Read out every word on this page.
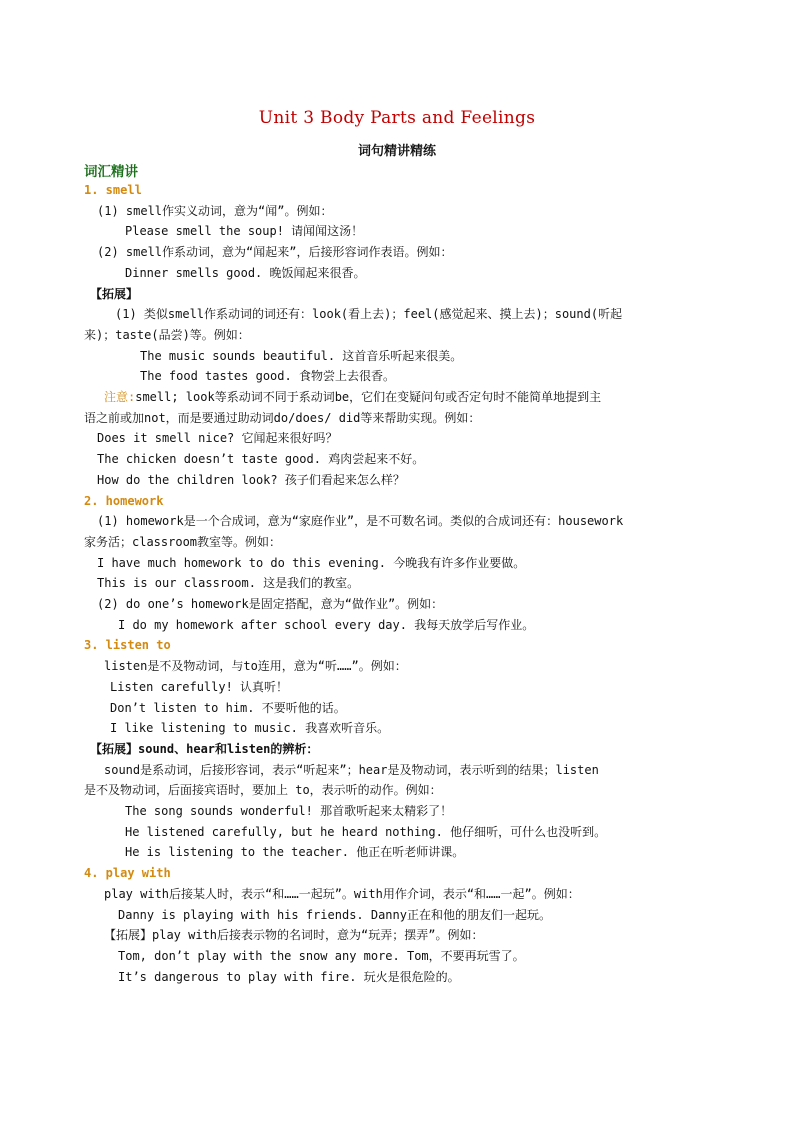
Unit 3 Body Parts and Feelings
词句精讲精练
词汇精讲
1. smell
(1) smell作实义动词，意为“闻”。例如：
Please smell the soup! 请闻闻这汤！
(2) smell作系动词，意为“闻起来”，后接形容词作表语。例如：
Dinner smells good. 晚饭闻起来很香。
【拓展】
(1) 类似smell作系动词的词还有：look(看上去)；feel(感觉起来、摸上去)；sound(听起
来)；taste(品尝)等。例如：
The music sounds beautiful. 这首音乐听起来很美。
The food tastes good. 食物尝上去很香。
注意:smell; look等系动词不同于系动词be，它们在变疑问句或否定句时不能简单地提到主
语之前或加not，而是要通过助动词do/does/ did等来帮助实现。例如：
Does it smell nice? 它闻起来很好吗？
The chicken doesn’t taste good. 鸡肉尝起来不好。
How do the children look? 孩子们看起来怎么样？
2. homework
(1) homework是一个合成词，意为“家庭作业”，是不可数名词。类似的合成词还有：housework
家务活；classroom教室等。例如：
I have much homework to do this evening. 今晚我有许多作业要做。
This is our classroom. 这是我们的教室。
(2) do one’s homework是固定搭配，意为“做作业”。例如：
I do my homework after school every day. 我每天放学后写作业。
3. listen to
listen是不及物动词，与to连用，意为“听……”。例如：
Listen carefully! 认真听！
Don’t listen to him. 不要听他的话。
I like listening to music. 我喜欢听音乐。
【拓展】sound、hear和listen的辨析：
sound是系动词，后接形容词，表示“听起来”；hear是及物动词，表示听到的结果；listen
是不及物动词，后面接宾语时，要加上 to，表示听的动作。例如：
The song sounds wonderful! 那首歌听起来太精彩了！
He listened carefully, but he heard nothing. 他仔细听，可什么也没听到。
He is listening to the teacher. 他正在听老师讲课。
4. play with
play with后接某人时，表示“和……一起玩”。with用作介词，表示“和……一起”。例如：
Danny is playing with his friends. Danny正在和他的朋友们一起玩。
【拓展】play with后接表示物的名词时，意为“玩弄；摆弄”。例如：
Tom, don’t play with the snow any more. Tom，不要再玩雪了。
It’s dangerous to play with fire. 玩火是很危险的。
